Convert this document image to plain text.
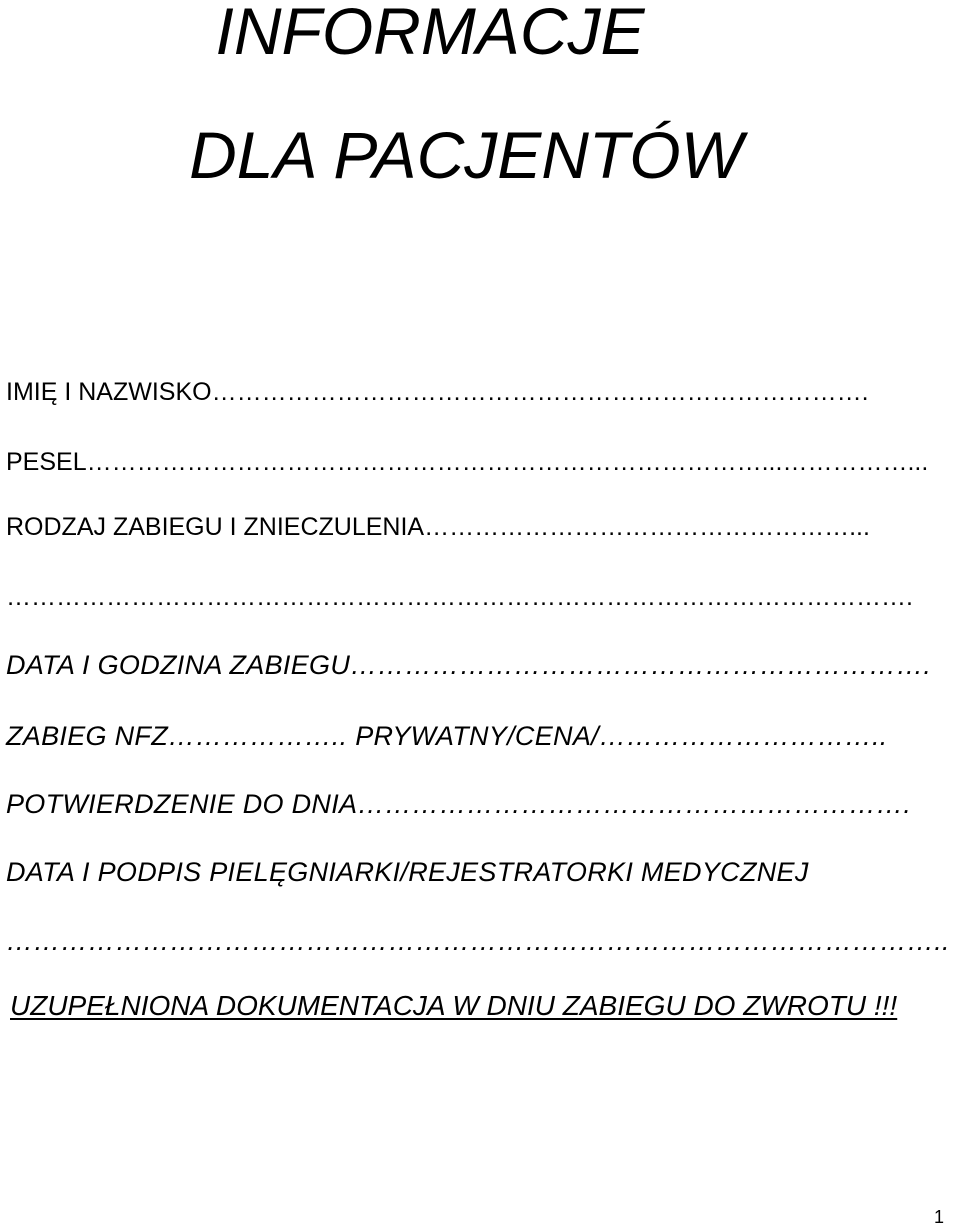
INFORMACJE
DLA PACJENTÓW
IMIĘ I NAZWISKO…………………………………………………………………….
PESEL………………………………………………………………………...……………...
RODZAJ ZABIEGU I ZNIECZULENIA……………………………………………...
……………………………………………………………………………………………….
DATA I GODZINA ZABIEGU……………………………………………………….
ZABIEG NFZ……………….. PRYWATNY/CENA/…………………………..
POTWIERDZENIE DO DNIA…………………………………………………….
DATA I PODPIS PIELĘGNIARKI/REJESTRATORKI MEDYCZNEJ
…………………………………………………………………………………………..
UZUPEŁNIONA DOKUMENTACJA W DNIU ZABIEGU DO ZWROTU !!!
1
